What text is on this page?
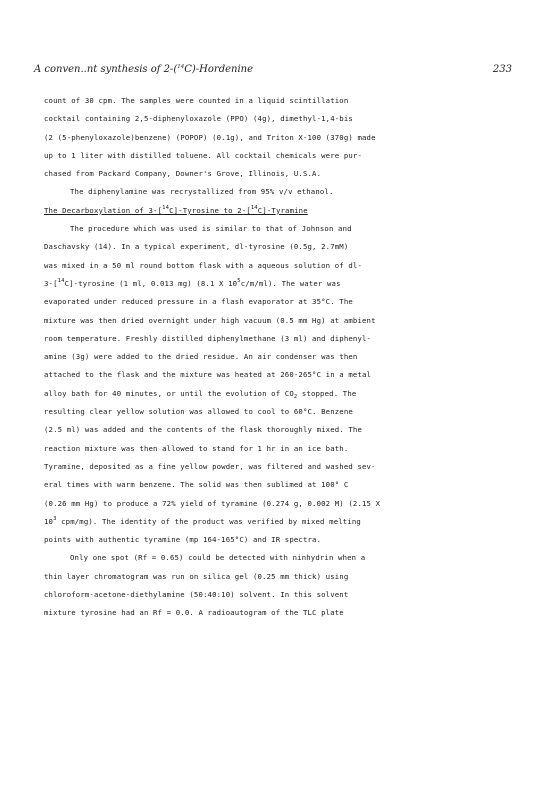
A conven..nt synthesis of 2-($^{14}$C)-Hordenine	233
count of 30 cpm. The samples were counted in a liquid scintillation
cocktail containing 2,5-diphenyloxazole (PPO) (4g), dimethyl-1,4-bis
(2 (5-phenyloxazole)benzene) (POPOP) (0.1g), and Triton X-100 (370g) made
up to 1 liter with distilled toluene. All cocktail chemicals were pur-
chased from Packard Company, Downer's Grove, Illinois, U.S.A.
The diphenylamine was recrystallized from 95% v/v ethanol.
The Decarboxylation of 3-[$^{14}$C]-Tyrosine to 2-[$^{14}$C]-Tyramine
The procedure which was used is similar to that of Johnson and
Daschavsky (14). In a typical experiment, dl-tyrosine (0.5g, 2.7mM)
was mixed in a 50 ml round bottom flask with a aqueous solution of dl-
3-[$^{14}$C]-tyrosine (1 ml, 0.013 mg) (8.1 X $10^5c/m/ml$). The water was
evaporated under reduced pressure in a flash evaporator at 35°C. The
mixture was then dried overnight under high vacuum (0.5 mm Hg) at ambient
room temperature. Freshly distilled diphenylmethane (3 ml) and diphenyl-
amine (3g) were added to the dried residue. An air condenser was then
attached to the flask and the mixture was heated at 260-265°C in a metal
alloy bath for 40 minutes, or until the evolution of $CO_2$ stopped. The
resulting clear yellow solution was allowed to cool to 60°C. Benzene
(2.5 ml) was added and the contents of the flask thoroughly mixed. The
reaction mixture was then allowed to stand for 1 hr in an ice bath.
Tyramine, deposited as a fine yellow powder, was filtered and washed sev-
eral times with warm benzene. The solid was then sublimed at 100° C
(0.26 mm Hg) to produce a 72% yield of tyramine (0.274 g, 0.002 M) (2.15 X
$10^3$ cpm/mg). The identity of the product was verified by mixed melting
points with authentic tyramine (mp 164-165°C) and IR spectra.
Only one spot (Rf = 0.65) could be detected with ninhydrin when a
thin layer chromatogram was run on silica gel (0.25 mm thick) using
chloroform-acetone-diethylamine (50:40:10) solvent. In this solvent
mixture tyrosine had an Rf = 0.0. A radioautogram of the TLC plate
